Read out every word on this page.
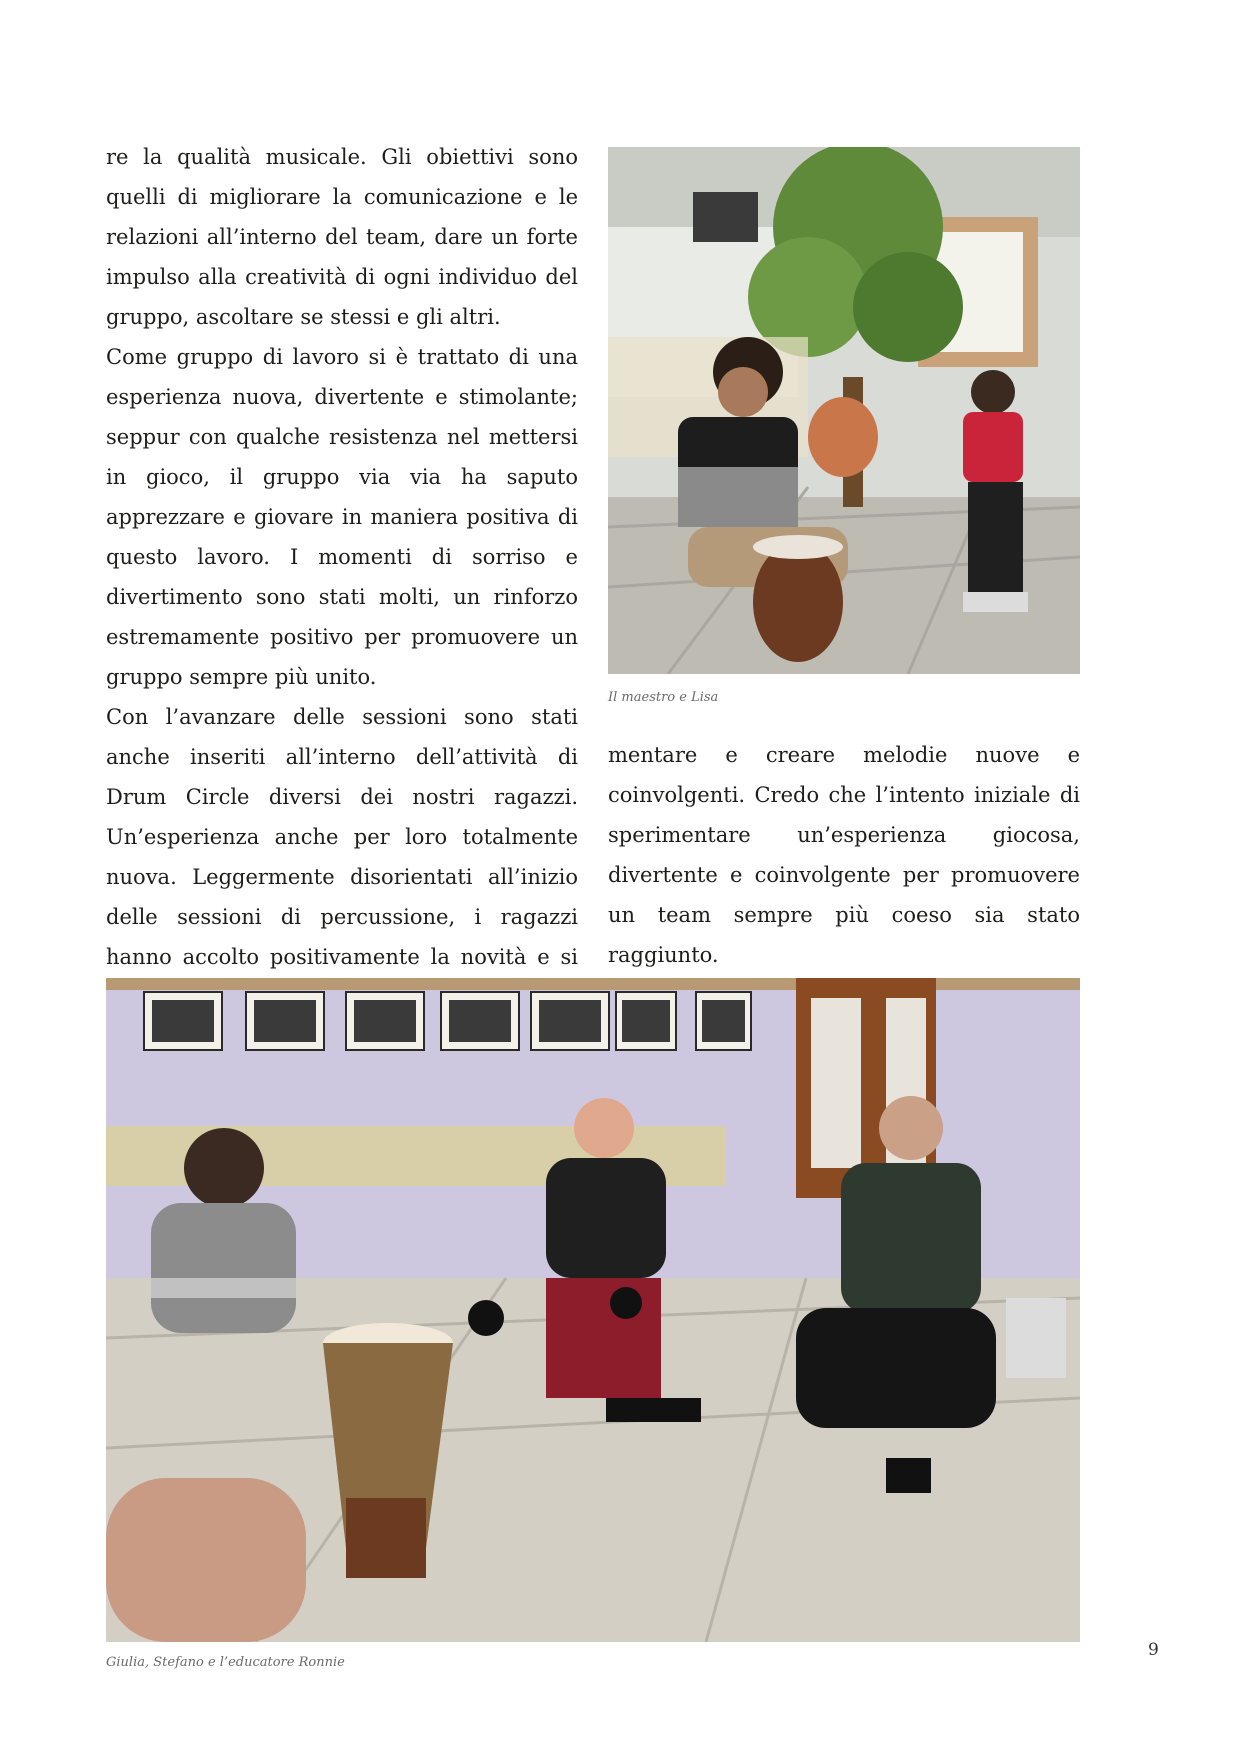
re la qualità musicale. Gli obiettivi sono quelli di migliorare la comunicazione e le relazioni all’interno del team, dare un forte impulso alla creatività di ogni individuo del gruppo, ascoltare se stessi e gli altri.

Come gruppo di lavoro si è trattato di una esperienza nuova, divertente e stimolante; seppur con qualche resistenza nel mettersi in gioco, il gruppo via via ha saputo apprezzare e giovare in maniera positiva di questo lavoro. I momenti di sorriso e divertimento sono stati molti, un rinforzo estremamente positivo per promuovere un gruppo sempre più unito.

Con l’avanzare delle sessioni sono stati anche inseriti all’interno dell’attività di Drum Circle diversi dei nostri ragazzi. Un’esperienza anche per loro totalmente nuova. Leggermente disorientati all’inizio delle sessioni di percussione, i ragazzi hanno accolto positivamente la novità e si

Il maestro e Lisa

mentare e creare melodie nuove e coinvolgenti. Credo che l’intento iniziale di sperimentare un’esperienza giocosa, divertente e coinvolgente per promuovere un team sempre più coeso sia stato raggiunto.

Giulia, Stefano e l’educatore Ronnie
9
